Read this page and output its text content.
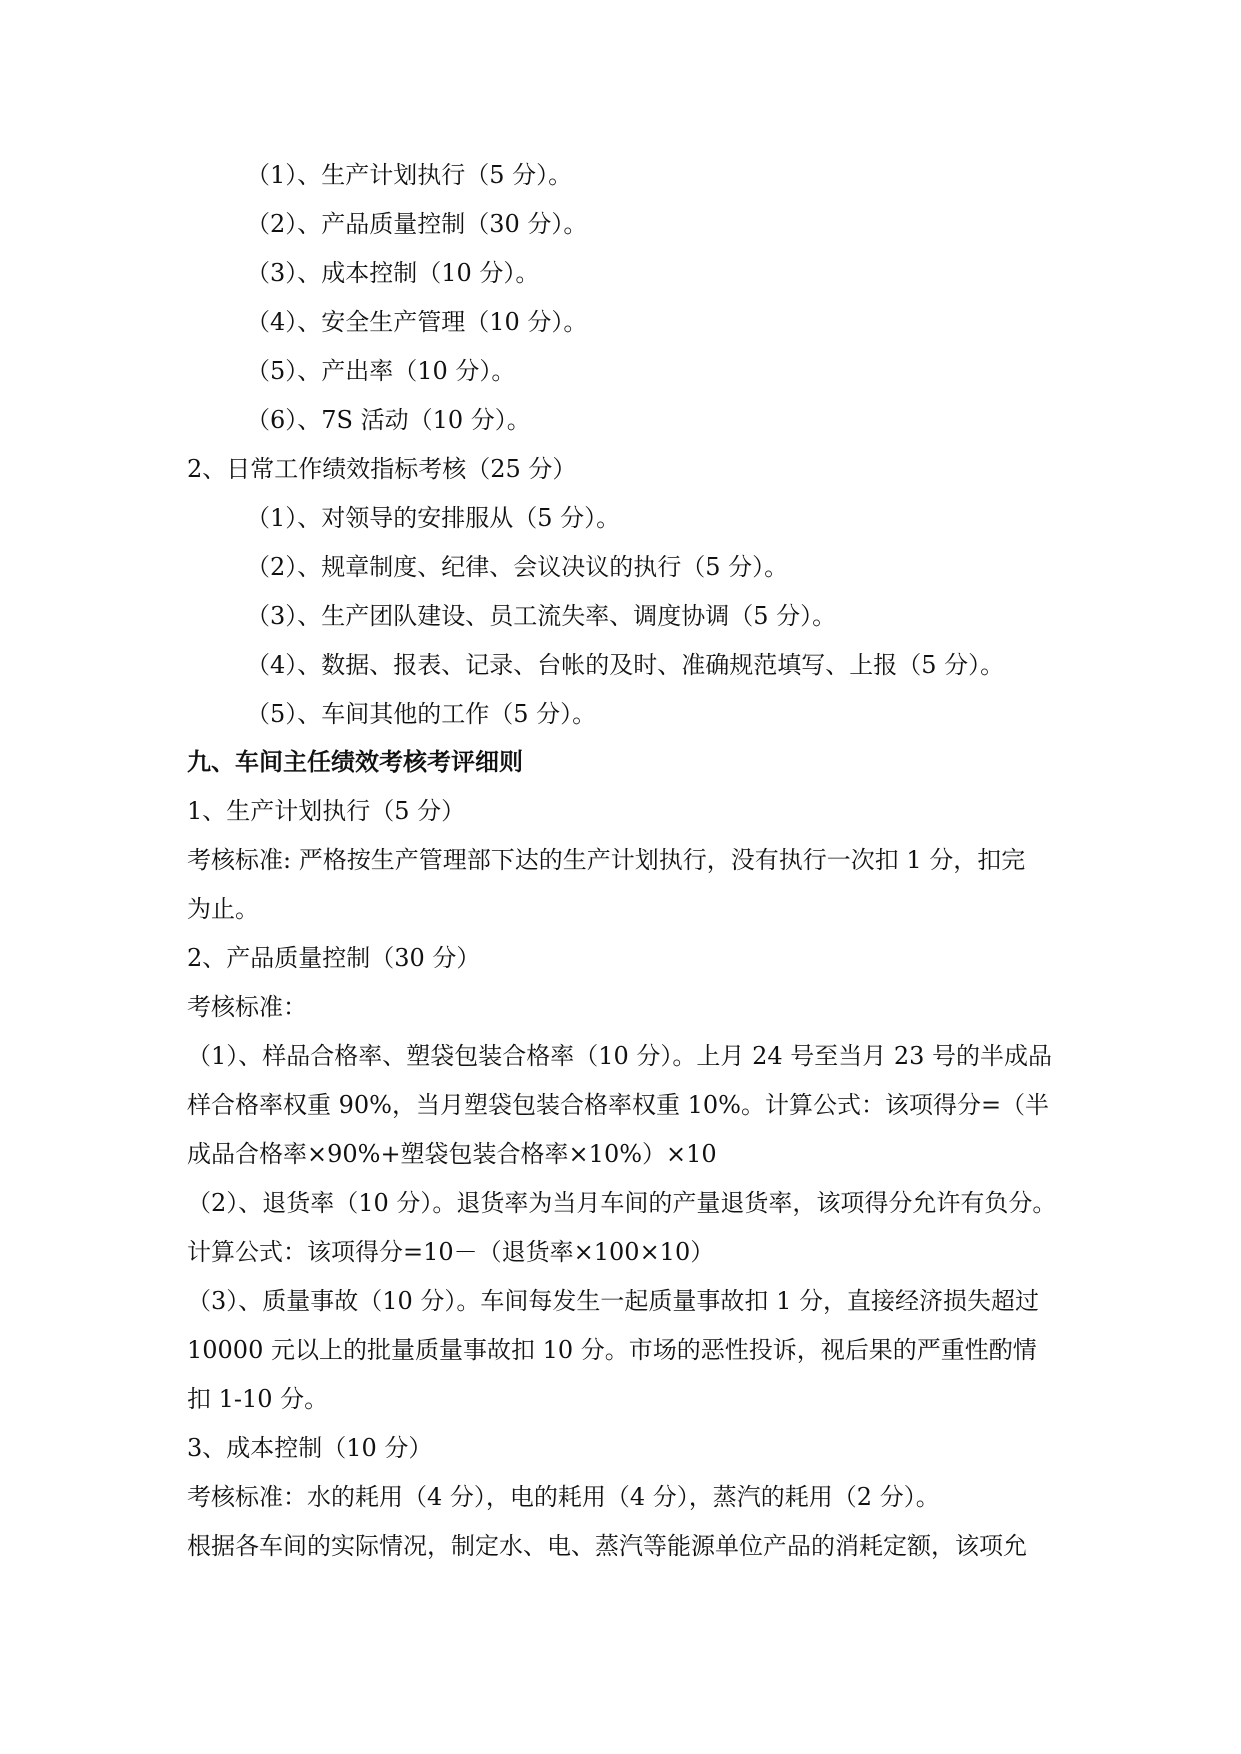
（1）、生产计划执行（5 分）。
（2）、产品质量控制（30 分）。
（3）、成本控制（10 分）。
（4）、安全生产管理（10 分）。
（5）、产出率（10 分）。
（6）、7S 活动（10 分）。
2、日常工作绩效指标考核（25 分）
（1）、对领导的安排服从（5 分）。
（2）、规章制度、纪律、会议决议的执行（5 分）。
（3）、生产团队建设、员工流失率、调度协调（5 分）。
（4）、数据、报表、记录、台帐的及时、准确规范填写、上报（5 分）。
（5）、车间其他的工作（5 分）。
九、车间主任绩效考核考评细则
1、生产计划执行（5 分）
考核标准: 严格按生产管理部下达的生产计划执行，没有执行一次扣 1 分，扣完
为止。
2、产品质量控制（30 分）
考核标准：
（1）、样品合格率、塑袋包装合格率（10 分）。上月 24 号至当月 23 号的半成品
样合格率权重 90%，当月塑袋包装合格率权重 10%。计算公式：该项得分=（半
成品合格率×90%+塑袋包装合格率×10%）×10
（2）、退货率（10 分）。退货率为当月车间的产量退货率，该项得分允许有负分。
计算公式：该项得分=10－（退货率×100×10）
（3）、质量事故（10 分）。车间每发生一起质量事故扣 1 分，直接经济损失超过
10000 元以上的批量质量事故扣 10 分。市场的恶性投诉，视后果的严重性酌情
扣 1-10 分。
3、成本控制（10 分）
考核标准：水的耗用（4 分），电的耗用（4 分），蒸汽的耗用（2 分）。
根据各车间的实际情况，制定水、电、蒸汽等能源单位产品的消耗定额，该项允
